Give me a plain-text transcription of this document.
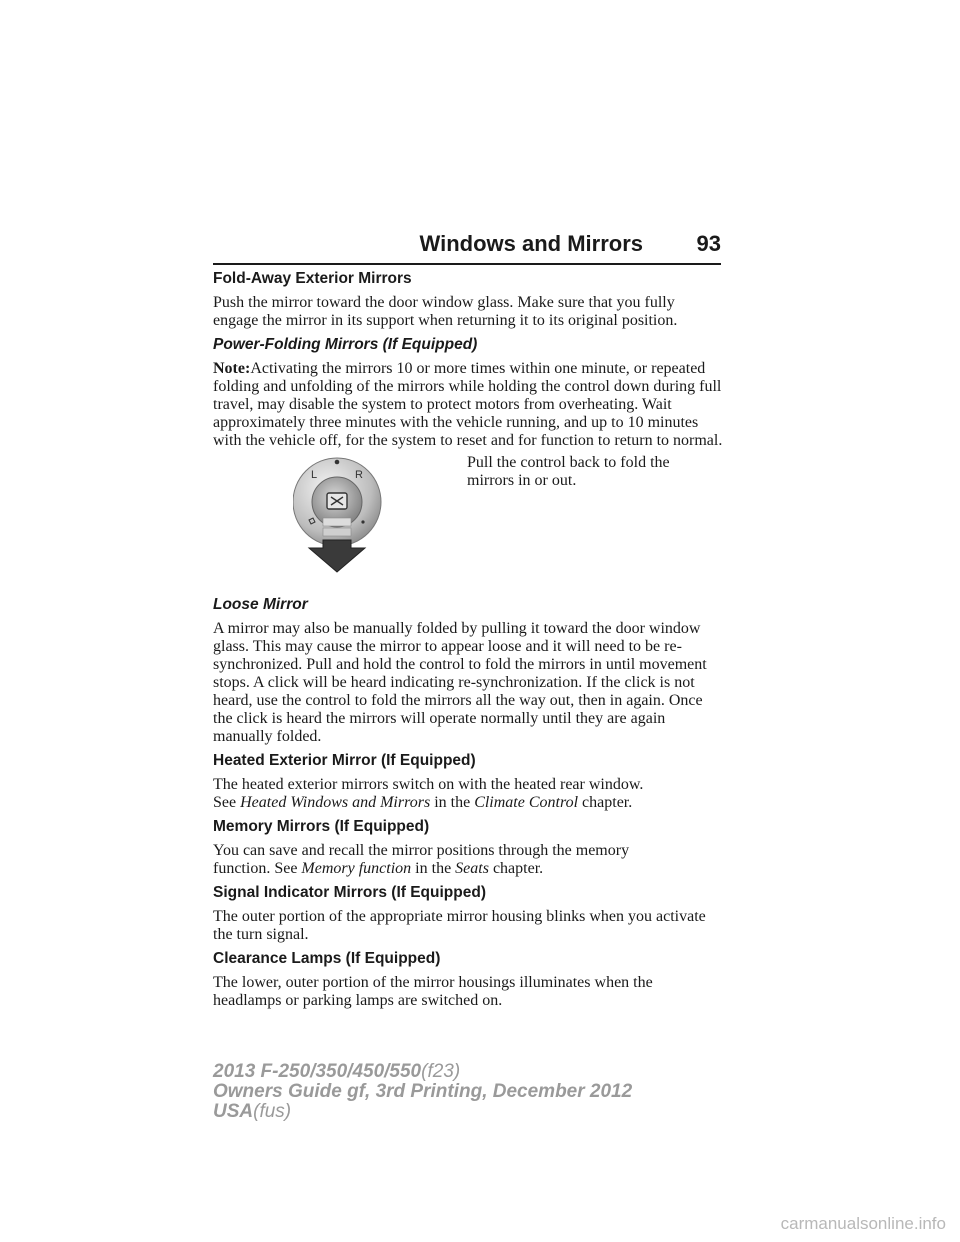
Windows and Mirrors 93
Fold-Away Exterior Mirrors

Push the mirror toward the door window glass. Make sure that you fully engage the mirror in its support when returning it to its original position.

Power-Folding Mirrors (If Equipped)

Note:Activating the mirrors 10 or more times within one minute, or repeated folding and unfolding of the mirrors while holding the control down during full travel, may disable the system to protect motors from overheating. Wait approximately three minutes with the vehicle running, and up to 10 minutes with the vehicle off, for the system to reset and for function to return to normal.

L	R
Pull the control back to fold the mirrors in or out.
Loose Mirror

A mirror may also be manually folded by pulling it toward the door window glass. This may cause the mirror to appear loose and it will need to be re-synchronized. Pull and hold the control to fold the mirrors in until movement stops. A click will be heard indicating re-synchronization. If the click is not heard, use the control to fold the mirrors all the way out, then in again. Once the click is heard the mirrors will operate normally until they are again manually folded.

Heated Exterior Mirror (If Equipped)

The heated exterior mirrors switch on with the heated rear window.
See Heated Windows and Mirrors in the Climate Control chapter.

Memory Mirrors (If Equipped)

You can save and recall the mirror positions through the memory
function. See Memory function in the Seats chapter.

Signal Indicator Mirrors (If Equipped)

The outer portion of the appropriate mirror housing blinks when you activate the turn signal.

Clearance Lamps (If Equipped)

The lower, outer portion of the mirror housings illuminates when the headlamps or parking lamps are switched on.

2013 F-250/350/450/550(f23)
Owners Guide gf, 3rd Printing, December 2012
USA(fus)
carmanualsonline.info
